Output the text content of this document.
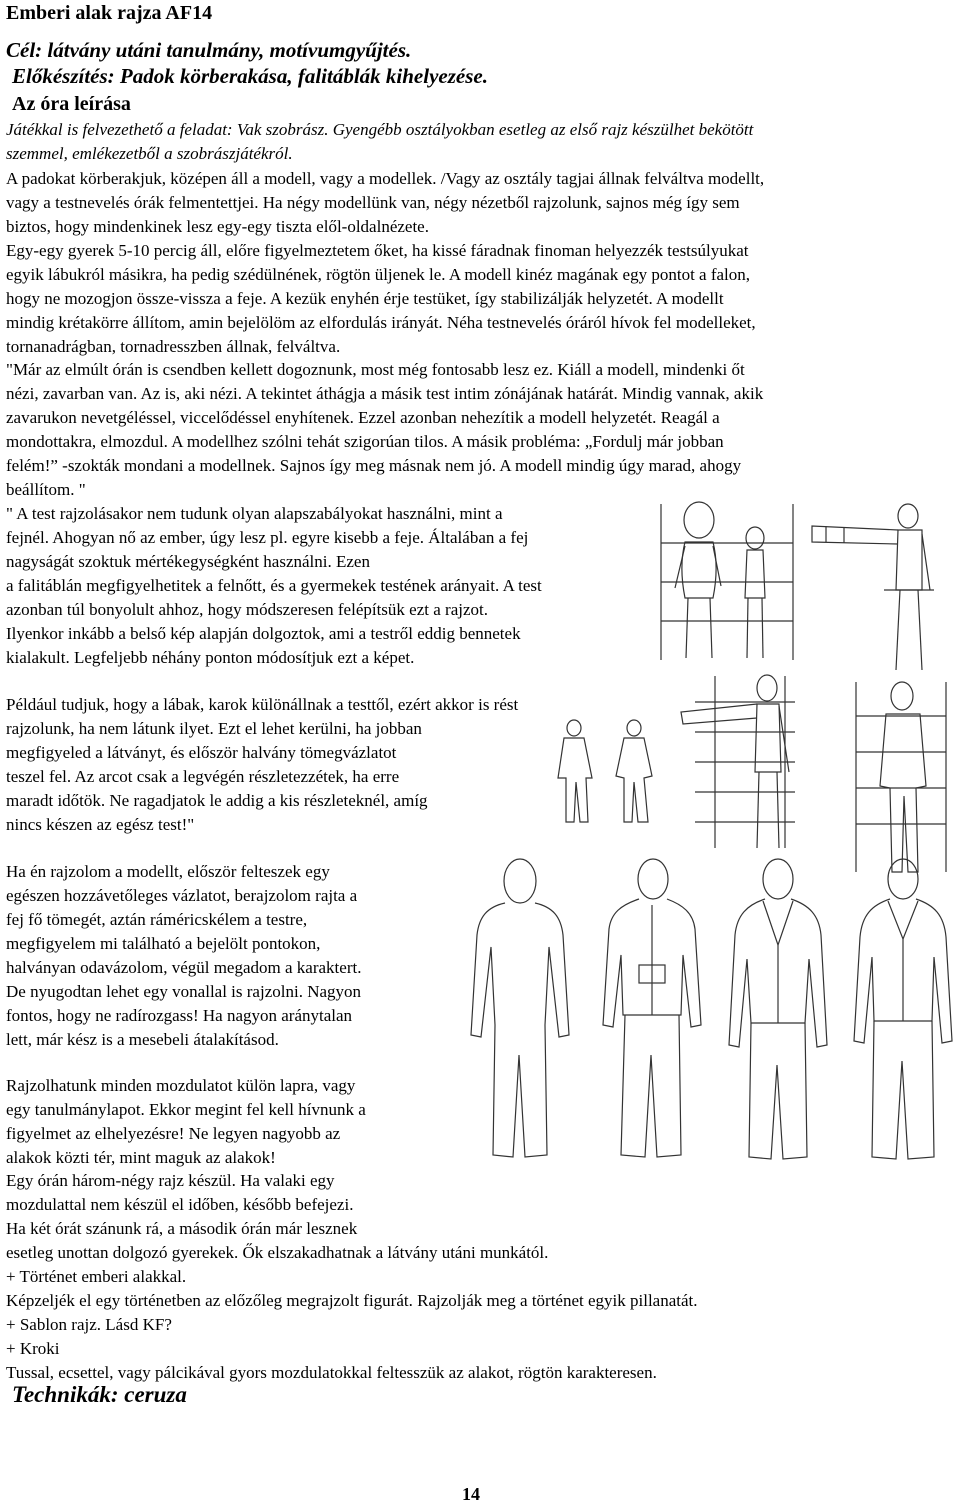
Emberi alak rajza AF14
Cél: látvány utáni tanulmány, motívumgyűjtés.
Előkészítés: Padok körberakása, falitáblák kihelyezése.
Az óra leírása
Játékkal is felvezethető a feladat: Vak szobrász. Gyengébb osztályokban esetleg az első rajz készülhet bekötött
szemmel, emlékezetből a szobrászjátékról.
A padokat körberakjuk, középen áll a modell, vagy a modellek. /Vagy az osztály tagjai állnak felváltva modellt,
vagy a testnevelés órák felmentettjei. Ha négy modellünk van, négy nézetből rajzolunk, sajnos még így sem
biztos, hogy mindenkinek lesz egy-egy tiszta elől-oldalnézete.
Egy-egy gyerek 5-10 percig áll, előre figyelmeztetem őket, ha kissé fáradnak finoman helyezzék testsúlyukat
egyik lábukról másikra, ha pedig szédülnének, rögtön üljenek le. A modell kinéz magának egy pontot a falon,
hogy ne mozogjon össze-vissza a feje. A kezük enyhén érje testüket, így stabilizálják helyzetét. A modellt
mindig krétakörre állítom, amin bejelölöm az elfordulás irányát. Néha testnevelés óráról hívok fel modelleket,
tornanadrágban, tornadresszben állnak, felváltva.
"Már az elmúlt órán is csendben kellett dogoznunk, most még fontosabb lesz ez. Kiáll a modell, mindenki őt
nézi, zavarban van. Az is, aki nézi. A tekintet áthágja a másik test intim zónájának határát. Mindig vannak, akik
zavarukon nevetgéléssel, viccelődéssel enyhítenek. Ezzel azonban nehezítik a modell helyzetét. Reagál a
mondottakra, elmozdul. A modellhez szólni tehát szigorúan tilos. A másik probléma: „Fordulj már jobban
felém!” -szokták mondani a modellnek. Sajnos így meg másnak nem jó. A modell mindig úgy marad, ahogy
beállítom. "
" A test rajzolásakor nem tudunk olyan alapszabályokat használni, mint a
fejnél. Ahogyan nő az ember, úgy lesz pl. egyre kisebb a feje. Általában a fej
nagyságát szoktuk mértékegységként használni. Ezen
a falitáblán megfigyelhetitek a felnőtt, és a gyermekek testének arányait. A test
azonban túl bonyolult ahhoz, hogy módszeresen felépítsük ezt a rajzot.
Ilyenkor inkább a belső kép alapján dolgoztok, ami a testről eddig bennetek
kialakult. Legfeljebb néhány ponton módosítjuk ezt a képet.
Például tudjuk, hogy a lábak, karok különállnak a testtől, ezért akkor is rést
rajzolunk, ha nem látunk ilyet. Ezt el lehet kerülni, ha jobban
megfigyeled a látványt, és először halvány tömegvázlatot
teszel fel. Az arcot csak a legvégén részletezzétek, ha erre
maradt időtök. Ne ragadjatok le addig a kis részleteknél, amíg
nincs készen az egész test!"
Ha én rajzolom a modellt, először felteszek egy
egészen hozzávetőleges vázlatot, berajzolom rajta a
fej fő tömegét, aztán ráméricskélem a testre,
megfigyelem mi található a bejelölt pontokon,
halványan odavázolom, végül megadom a karaktert.
De nyugodtan lehet egy vonallal is rajzolni. Nagyon
fontos, hogy ne radírozgass! Ha nagyon aránytalan
lett, már kész is a mesebeli átalakításod.
Rajzolhatunk minden mozdulatot külön lapra, vagy
egy tanulmánylapot. Ekkor megint fel kell hívnunk a
figyelmet az elhelyezésre! Ne legyen nagyobb az
alakok közti tér, mint maguk az alakok!
Egy órán három-négy rajz készül. Ha valaki egy
mozdulattal nem készül el időben, később befejezi.
Ha két órát szánunk rá, a második órán már lesznek
esetleg unottan dolgozó gyerekek. Ők elszakadhatnak a látvány utáni munkától.
+ Történet emberi alakkal.
Képzeljék el egy történetben az előzőleg megrajzolt figurát. Rajzolják meg a történet egyik pillanatát.
+ Sablon rajz. Lásd KF?
+ Kroki
Tussal, ecsettel, vagy pálcikával gyors mozdulatokkal feltesszük az alakot, rögtön karakteresen.
Technikák: ceruza
14
